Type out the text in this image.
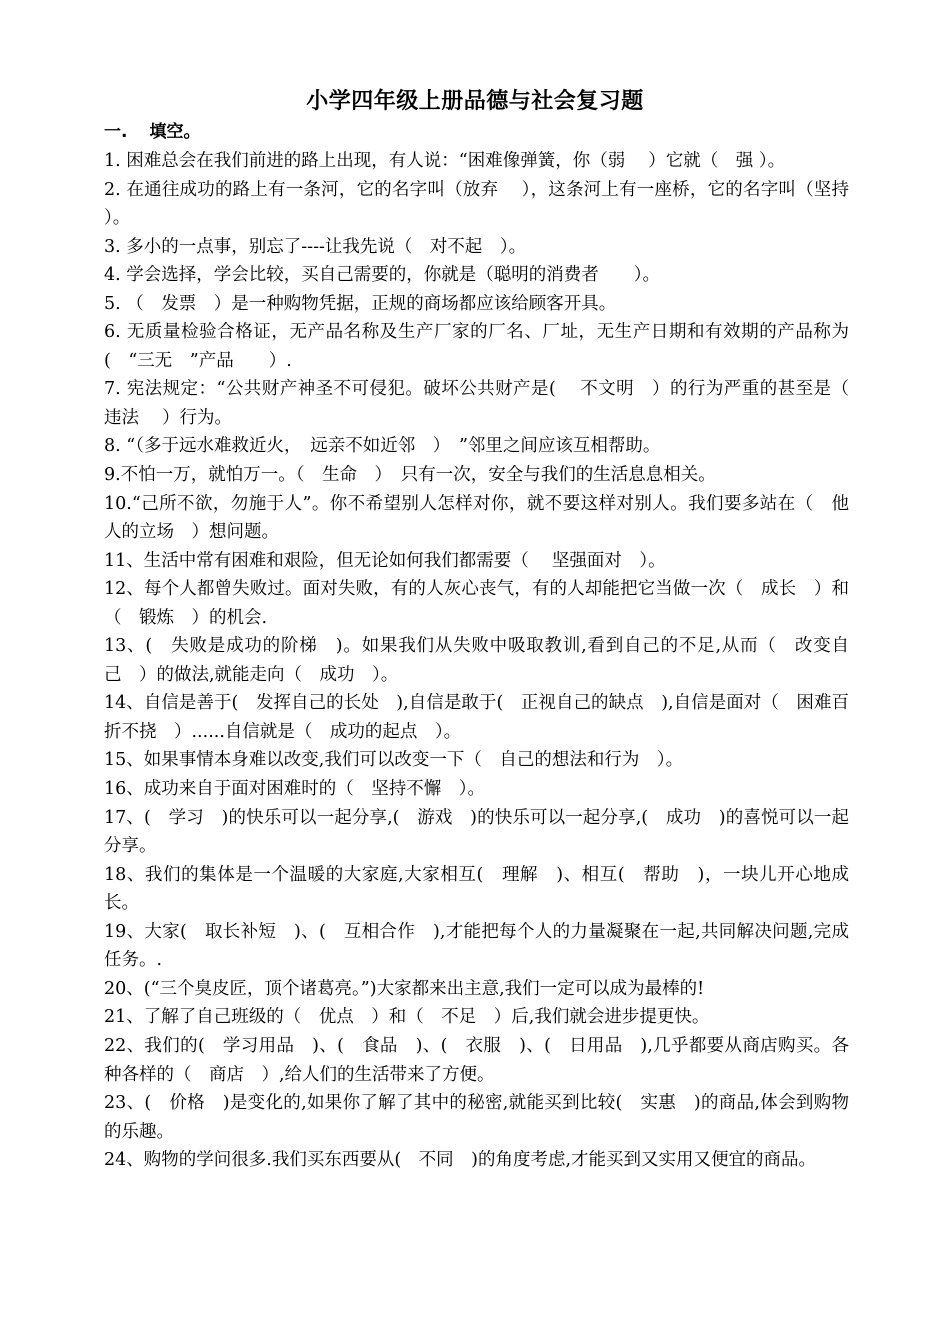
小学四年级上册品德与社会复习题
一. 填空。

1. 困难总会在我们前进的路上出现，有人说：“困难像弹簧，你（弱　 ）它就（　强 ）。

2. 在通往成功的路上有一条河，它的名字叫（放弃　 ），这条河上有一座桥，它的名字叫（坚持　 ）。

3. 多小的一点事，别忘了----让我先说（　对不起　）。

4. 学会选择，学会比较，买自己需要的，你就是（聪明的消费者　　）。

5. （　发票　）是一种购物凭据，正规的商场都应该给顾客开具。

6. 无质量检验合格证，无产品名称及生产厂家的厂名、厂址，无生产日期和有效期的产品称为(　“三无　”产品　　）.

7. 宪法规定：“公共财产神圣不可侵犯。破坏公共财产是(　 不文明　）的行为严重的甚至是（　 违法　 ）行为。

8. “（多于远水难救近火，　远亲不如近邻　）　”邻里之间应该互相帮助。

9.不怕一万，就怕万一。（　生命　）　只有一次，安全与我们的生活息息相关。

10.“己所不欲，勿施于人”。你不希望别人怎样对你，就不要这样对别人。我们要多站在（　他人的立场　）想问题。

11、生活中常有困难和艰险，但无论如何我们都需要（　 坚强面对　）。

12、每个人都曾失败过。面对失败，有的人灰心丧气，有的人却能把它当做一次（　成长　）和（　锻炼　）的机会.

13、(　失败是成功的阶梯　)。如果我们从失败中吸取教训,看到自己的不足,从而（　改变自己　）的做法,就能走向（　成功　）。

14、自信是善于(　发挥自己的长处　),自信是敢于(　正视自己的缺点　),自信是面对（　困难百折不挠　）......自信就是（　成功的起点　）。

15、如果事情本身难以改变,我们可以改变一下（　自己的想法和行为　）。

16、成功来自于面对困难时的（　坚持不懈　）。

17、(　学习　)的快乐可以一起分享,(　游戏　)的快乐可以一起分享,(　成功　)的喜悦可以一起分享。

18、我们的集体是一个温暖的大家庭,大家相互(　理解　)、相互(　帮助　)，一块儿开心地成长。

19、大家(　取长补短　)、(　互相合作　),才能把每个人的力量凝聚在一起,共同解决问题,完成任务。.

20、(“三个臭皮匠，顶个诸葛亮。”)大家都来出主意,我们一定可以成为最棒的!

21、了解了自己班级的（　优点　）和（　不足　）后,我们就会进步提更快。

22、我们的(　学习用品　)、(　食品　)、(　衣服　)、(　日用品　),几乎都要从商店购买。各种各样的（　商店　）,给人们的生活带来了方便。

23、(　价格　)是变化的,如果你了解了其中的秘密,就能买到比较(　实惠　)的商品,体会到购物的乐趣。

24、购物的学问很多.我们买东西要从(　不同　)的角度考虑,才能买到又实用又便宜的商品。
